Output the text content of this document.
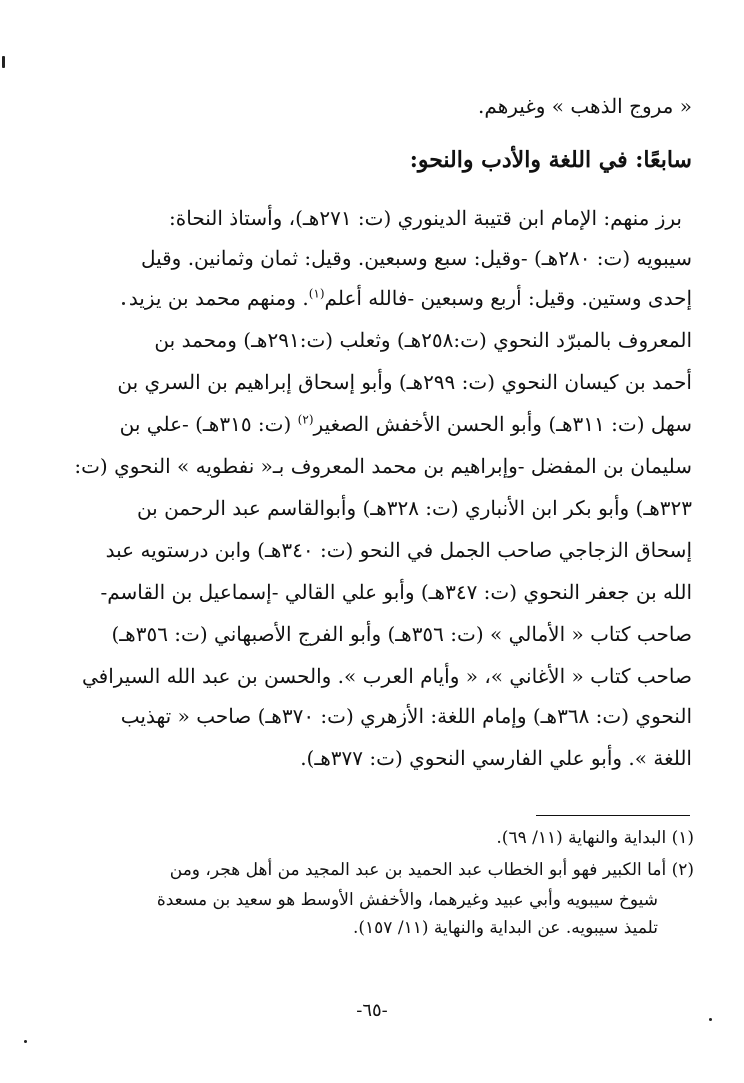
« مروج الذهب » وغيرهم.
سابعًا: في اللغة والأدب والنحو:
برز منهم: الإمام ابن قتيبة الدينوري (ت: ٢٧١هـ)، وأستاذ النحاة:
سيبويه (ت: ٢٨٠هـ) -وقيل: سبع وسبعين. وقيل: ثمان وثمانين. وقيل
إحدى وستين. وقيل: أربع وسبعين -فالله أعلم$^{(١)}$. ومنهم محمد بن يزيد
المعروف بالمبرّد النحوي (ت:٢٥٨هـ) وثعلب (ت:٢٩١هـ) ومحمد بن
أحمد بن كيسان النحوي (ت: ٢٩٩هـ) وأبو إسحاق إبراهيم بن السري بن
سهل (ت: ٣١١هـ) وأبو الحسن الأخفش الصغير$^{(٢)}$ (ت: ٣١٥هـ) -علي بن
سليمان بن المفضل -وإبراهيم بن محمد المعروف بـ« نفطويه » النحوي (ت:
٣٢٣هـ) وأبو بكر ابن الأنباري (ت: ٣٢٨هـ) وأبوالقاسم عبد الرحمن بن
إسحاق الزجاجي صاحب الجمل في النحو (ت: ٣٤٠هـ) وابن درستويه عبد
الله بن جعفر النحوي (ت: ٣٤٧هـ) وأبو علي القالي -إسماعيل بن القاسم-
صاحب كتاب « الأمالي » (ت: ٣٥٦هـ) وأبو الفرج الأصبهاني (ت: ٣٥٦هـ)
صاحب كتاب « الأغاني »، « وأيام العرب ». والحسن بن عبد الله السيرافي
النحوي (ت: ٣٦٨هـ) وإمام اللغة: الأزهري (ت: ٣٧٠هـ) صاحب « تهذيب
اللغة ». وأبو علي الفارسي النحوي (ت: ٣٧٧هـ).
(١) البداية والنهاية (١١/ ٦٩).
(٢) أما الكبير فهو أبو الخطاب عبد الحميد بن عبد المجيد من أهل هجر، ومن
شيوخ سيبويه وأبي عبيد وغيرهما، والأخفش الأوسط هو سعيد بن مسعدة
تلميذ سيبويه. عن البداية والنهاية (١١/ ١٥٧).
-٦٥-
